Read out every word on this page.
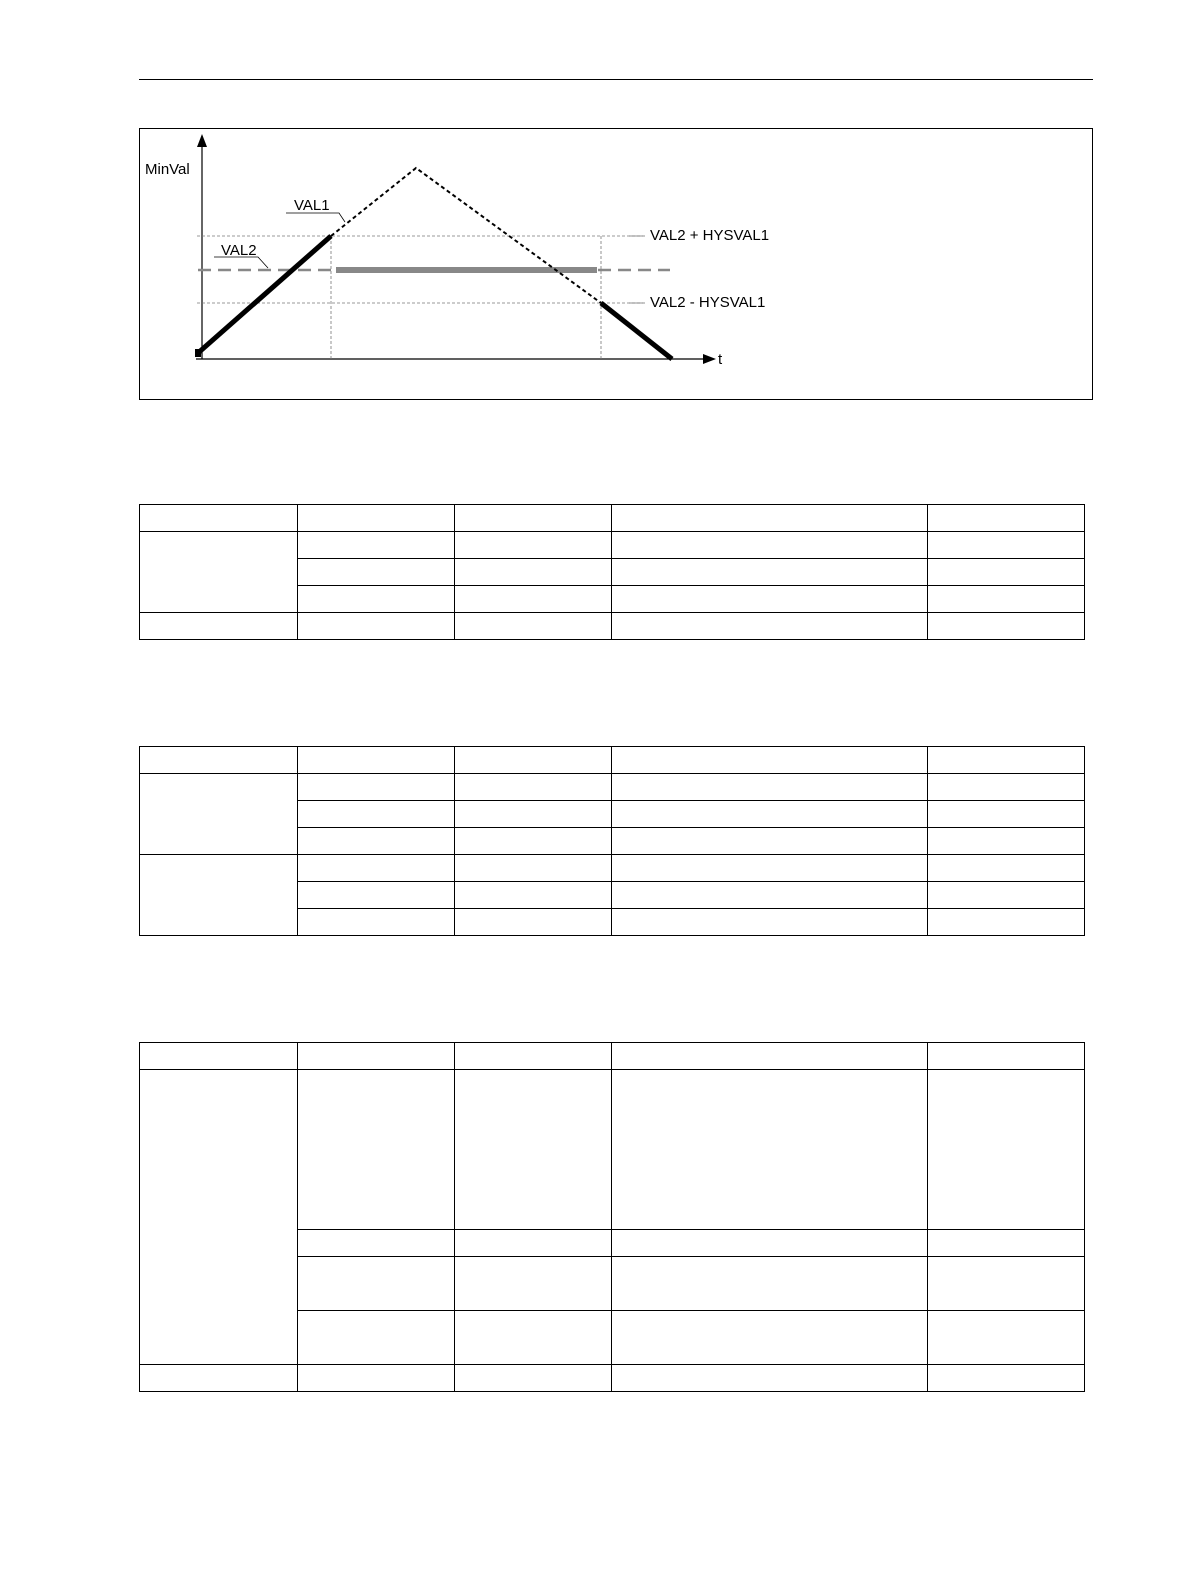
MinVal
t
VAL1
VAL2
VAL2 + HYSVAL1
VAL2 - HYSVAL1
